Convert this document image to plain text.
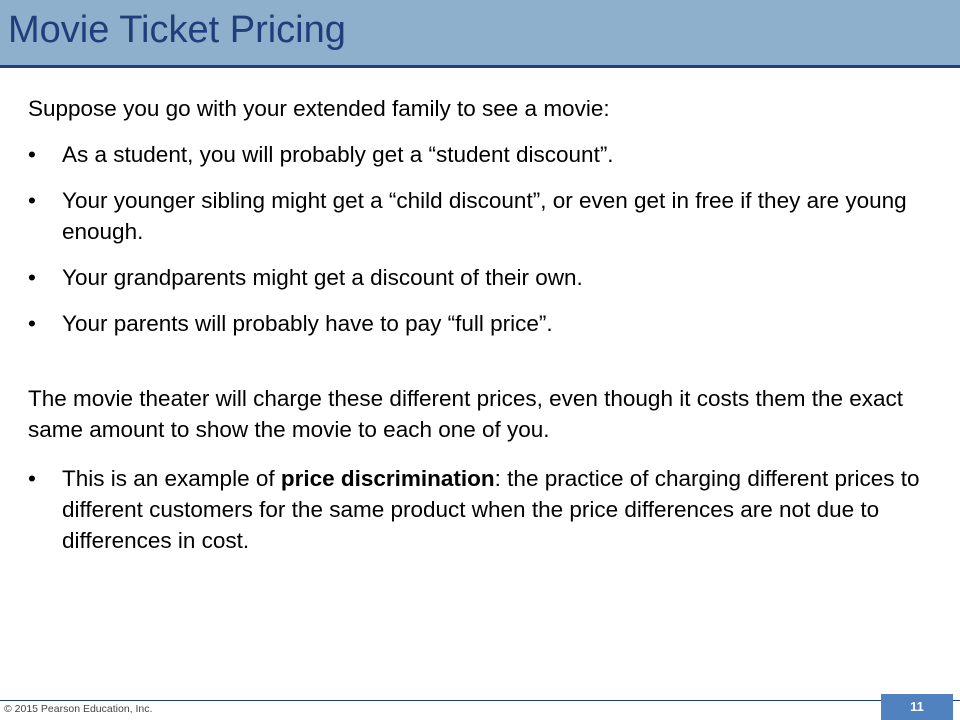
Movie Ticket Pricing

Suppose you go with your extended family to see a movie:

• As a student, you will probably get a “student discount”.
• Your younger sibling might get a “child discount”, or even get in free if they are young enough.
• Your grandparents might get a discount of their own.
• Your parents will probably have to pay “full price”.

The movie theater will charge these different prices, even though it costs them the exact same amount to show the movie to each one of you.

• This is an example of price discrimination: the practice of charging different prices to different customers for the same product when the price differences are not due to differences in cost.
© 2015 Pearson Education, Inc.	11
